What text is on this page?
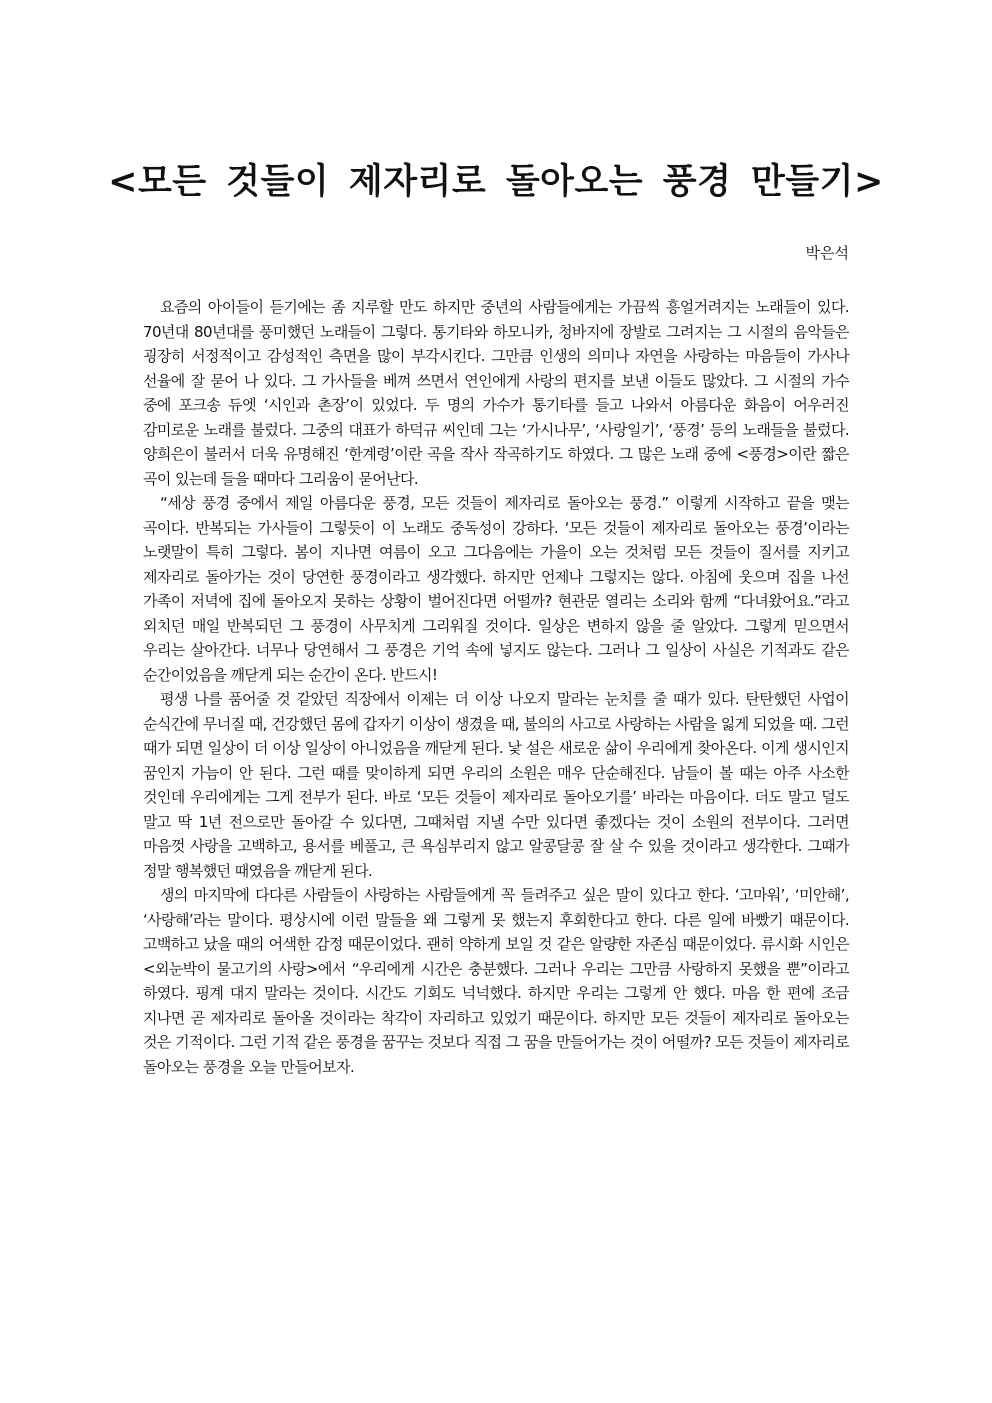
<모든 것들이 제자리로 돌아오는 풍경 만들기>

박은석

요즘의 아이들이 듣기에는 좀 지루할 만도 하지만 중년의 사람들에게는 가끔씩 흥얼거려지는 노래들이 있다. 70년대 80년대를 풍미했던 노래들이 그렇다. 통기타와 하모니카, 청바지에 장발로 그려지는 그 시절의 음악들은 굉장히 서정적이고 감성적인 측면을 많이 부각시킨다. 그만큼 인생의 의미나 자연을 사랑하는 마음들이 가사나 선율에 잘 묻어 나 있다. 그 가사들을 베껴 쓰면서 연인에게 사랑의 편지를 보낸 이들도 많았다. 그 시절의 가수 중에 포크송 듀엣 ‘시인과 촌장’이 있었다. 두 명의 가수가 통기타를 들고 나와서 아름다운 화음이 어우러진 감미로운 노래를 불렀다. 그중의 대표가 하덕규 씨인데 그는 ‘가시나무’, ‘사랑일기’, ‘풍경’ 등의 노래들을 불렀다. 양희은이 불러서 더욱 유명해진 ‘한계령’이란 곡을 작사 작곡하기도 하였다. 그 많은 노래 중에 <풍경>이란 짧은 곡이 있는데 들을 때마다 그리움이 묻어난다.

“세상 풍경 중에서 제일 아름다운 풍경, 모든 것들이 제자리로 돌아오는 풍경.” 이렇게 시작하고 끝을 맺는 곡이다. 반복되는 가사들이 그렇듯이 이 노래도 중독성이 강하다. ‘모든 것들이 제자리로 돌아오는 풍경’이라는 노랫말이 특히 그렇다. 봄이 지나면 여름이 오고 그다음에는 가을이 오는 것처럼 모든 것들이 질서를 지키고 제자리로 돌아가는 것이 당연한 풍경이라고 생각했다. 하지만 언제나 그렇지는 않다. 아침에 웃으며 집을 나선 가족이 저녁에 집에 돌아오지 못하는 상황이 벌어진다면 어떨까? 현관문 열리는 소리와 함께 “다녀왔어요.”라고 외치던 매일 반복되던 그 풍경이 사무치게 그리워질 것이다. 일상은 변하지 않을 줄 알았다. 그렇게 믿으면서 우리는 살아간다. 너무나 당연해서 그 풍경은 기억 속에 넣지도 않는다. 그러나 그 일상이 사실은 기적과도 같은 순간이었음을 깨닫게 되는 순간이 온다. 반드시!

평생 나를 품어줄 것 같았던 직장에서 이제는 더 이상 나오지 말라는 눈치를 줄 때가 있다. 탄탄했던 사업이 순식간에 무너질 때, 건강했던 몸에 갑자기 이상이 생겼을 때, 불의의 사고로 사랑하는 사람을 잃게 되었을 때. 그런 때가 되면 일상이 더 이상 일상이 아니었음을 깨닫게 된다. 낯 설은 새로운 삶이 우리에게 찾아온다. 이게 생시인지 꿈인지 가늠이 안 된다. 그런 때를 맞이하게 되면 우리의 소원은 매우 단순해진다. 남들이 볼 때는 아주 사소한 것인데 우리에게는 그게 전부가 된다. 바로 ‘모든 것들이 제자리로 돌아오기를’ 바라는 마음이다. 더도 말고 덜도 말고 딱 1년 전으로만 돌아갈 수 있다면, 그때처럼 지낼 수만 있다면 좋겠다는 것이 소원의 전부이다. 그러면 마음껏 사랑을 고백하고, 용서를 베풀고, 큰 욕심부리지 않고 알콩달콩 잘 살 수 있을 것이라고 생각한다. 그때가 정말 행복했던 때였음을 깨닫게 된다.

생의 마지막에 다다른 사람들이 사랑하는 사람들에게 꼭 들려주고 싶은 말이 있다고 한다. ‘고마워’, ‘미안해’, ‘사랑해’라는 말이다. 평상시에 이런 말들을 왜 그렇게 못 했는지 후회한다고 한다. 다른 일에 바빴기 때문이다. 고백하고 났을 때의 어색한 감정 때문이었다. 괜히 약하게 보일 것 같은 알량한 자존심 때문이었다. 류시화 시인은 <외눈박이 물고기의 사랑>에서 “우리에게 시간은 충분했다. 그러나 우리는 그만큼 사랑하지 못했을 뿐”이라고 하였다. 핑계 대지 말라는 것이다. 시간도 기회도 넉넉했다. 하지만 우리는 그렇게 안 했다. 마음 한 편에 조금 지나면 곧 제자리로 돌아올 것이라는 착각이 자리하고 있었기 때문이다. 하지만 모든 것들이 제자리로 돌아오는 것은 기적이다. 그런 기적 같은 풍경을 꿈꾸는 것보다 직접 그 꿈을 만들어가는 것이 어떨까? 모든 것들이 제자리로 돌아오는 풍경을 오늘 만들어보자.
